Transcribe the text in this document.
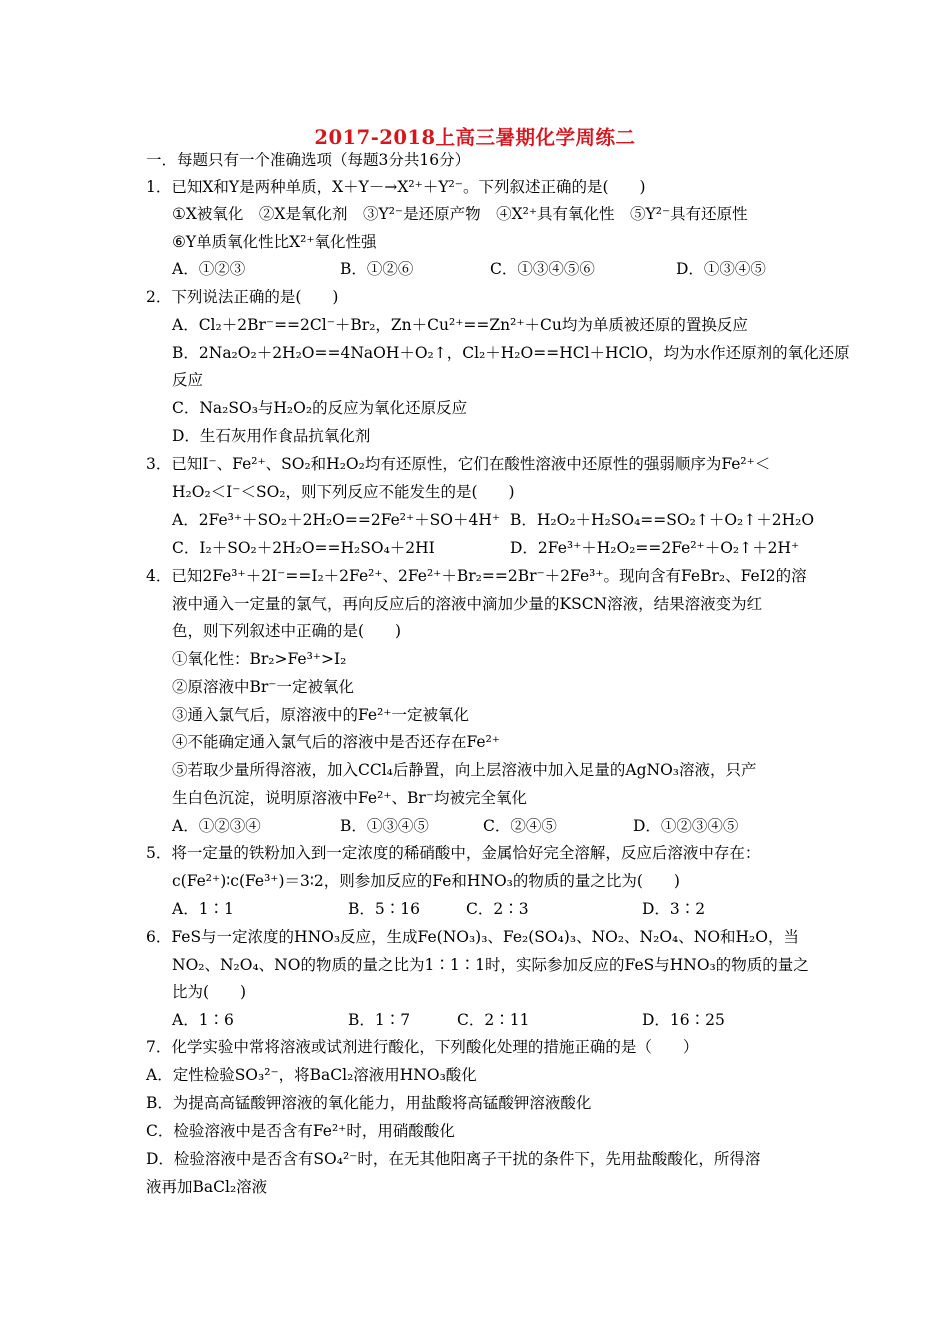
2017-2018上高三暑期化学周练二
一．每题只有一个准确选项（每题3分共16分）
1．已知X和Y是两种单质，X＋Y－→X²⁺＋Y²⁻。下列叙述正确的是(　　)
①X被氧化　②X是氧化剂　③Y²⁻是还原产物　④X²⁺具有氧化性　⑤Y²⁻具有还原性
⑥Y单质氧化性比X²⁺氧化性强
A．①②③	B．①②⑥	C．①③④⑤⑥	D．①③④⑤
2．下列说法正确的是(　　)
A．Cl₂＋2Br⁻==2Cl⁻＋Br₂，Zn＋Cu²⁺==Zn²⁺＋Cu均为单质被还原的置换反应
B．2Na₂O₂＋2H₂O==4NaOH＋O₂↑，Cl₂＋H₂O==HCl＋HClO，均为水作还原剂的氧化还原
反应
C．Na₂SO₃与H₂O₂的反应为氧化还原反应
D．生石灰用作食品抗氧化剂
3．已知I⁻、Fe²⁺、SO₂和H₂O₂均有还原性，它们在酸性溶液中还原性的强弱顺序为Fe²⁺＜
H₂O₂＜I⁻＜SO₂，则下列反应不能发生的是(　　)
A．2Fe³⁺＋SO₂＋2H₂O==2Fe²⁺＋SO＋4H⁺ B．H₂O₂＋H₂SO₄==SO₂↑＋O₂↑＋2H₂O
C．I₂＋SO₂＋2H₂O==H₂SO₄＋2HI	D．2Fe³⁺＋H₂O₂==2Fe²⁺＋O₂↑＋2H⁺
4．已知2Fe³⁺＋2I⁻==I₂＋2Fe²⁺、2Fe²⁺＋Br₂==2Br⁻＋2Fe³⁺。现向含有FeBr₂、FeI2的溶
液中通入一定量的氯气，再向反应后的溶液中滴加少量的KSCN溶液，结果溶液变为红
色，则下列叙述中正确的是(　　)
①氧化性：Br₂>Fe³⁺>I₂
②原溶液中Br⁻一定被氧化
③通入氯气后，原溶液中的Fe²⁺一定被氧化
④不能确定通入氯气后的溶液中是否还存在Fe²⁺
⑤若取少量所得溶液，加入CCl₄后静置，向上层溶液中加入足量的AgNO₃溶液，只产
生白色沉淀，说明原溶液中Fe²⁺、Br⁻均被完全氧化
A．①②③④	B．①③④⑤	C．②④⑤	D．①②③④⑤
5．将一定量的铁粉加入到一定浓度的稀硝酸中，金属恰好完全溶解，反应后溶液中存在：
c(Fe²⁺)∶c(Fe³⁺)＝3∶2，则参加反应的Fe和HNO₃的物质的量之比为(　　)
A．1∶1	B．5∶16	C．2∶3	D．3∶2
6．FeS与一定浓度的HNO₃反应，生成Fe(NO₃)₃、Fe₂(SO₄)₃、NO₂、N₂O₄、NO和H₂O，当
NO₂、N₂O₄、NO的物质的量之比为1∶1∶1时，实际参加反应的FeS与HNO₃的物质的量之
比为(　　)
A．1∶6	B．1∶7	C．2∶11	D．16∶25
7．化学实验中常将溶液或试剂进行酸化，下列酸化处理的措施正确的是（　　）
A．定性检验SO₃²⁻，将BaCl₂溶液用HNO₃酸化
B．为提高高锰酸钾溶液的氧化能力，用盐酸将高锰酸钾溶液酸化
C．检验溶液中是否含有Fe²⁺时，用硝酸酸化
D．检验溶液中是否含有SO₄²⁻时，在无其他阳离子干扰的条件下，先用盐酸酸化，所得溶
液再加BaCl₂溶液
